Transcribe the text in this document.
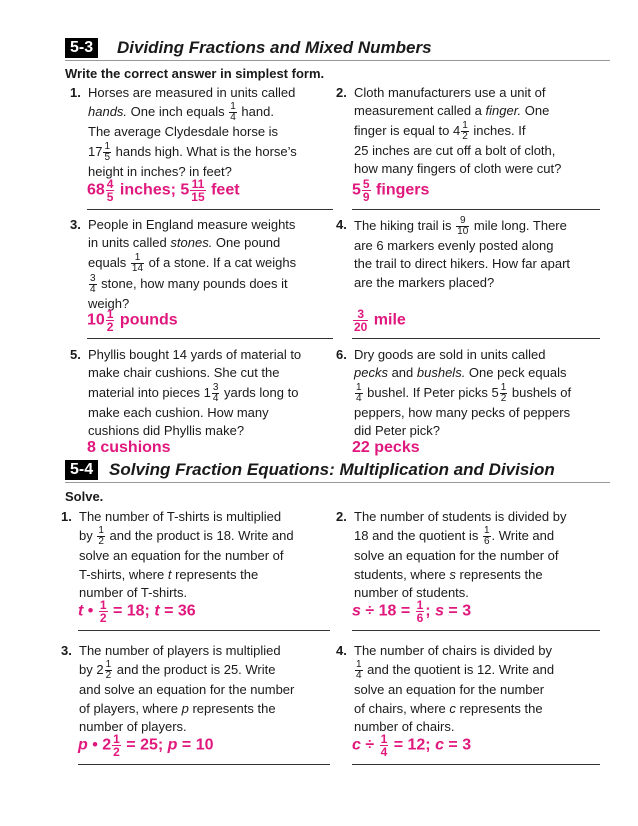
5-3 Dividing Fractions and Mixed Numbers
Write the correct answer in simplest form.
1. Horses are measured in units called
hands. One inch equals $\frac{1}{4}$ hand.
The average Clydesdale horse is
$17 \frac{1}{5}$ hands high. What is the horse’s
height in inches? in feet?
$68 \frac{4}{5}$ inches; $5 \frac{11}{15}$ feet
2. Cloth manufacturers use a unit of
measurement called a finger. One
finger is equal to $4 \frac{1}{2}$ inches. If
25 inches are cut off a bolt of cloth,
how many fingers of cloth were cut?
$5 \frac{5}{9}$ fingers
3. People in England measure weights
in units called stones. One pound
equals $\frac{1}{14}$ of a stone. If a cat weighs
$\frac{3}{4}$ stone, how many pounds does it
weigh?
$10 \frac{1}{2}$ pounds
4. The hiking trail is $\frac{9}{10}$ mile long. There
are 6 markers evenly posted along
the trail to direct hikers. How far apart
are the markers placed?
$\frac{3}{20}$ mile
5. Phyllis bought 14 yards of material to
make chair cushions. She cut the
material into pieces $1 \frac{3}{4}$ yards long to
make each cushion. How many
cushions did Phyllis make?
8 cushions
6. Dry goods are sold in units called
pecks and bushels. One peck equals
$\frac{1}{4}$ bushel. If Peter picks $5 \frac{1}{2}$ bushels of
peppers, how many pecks of peppers
did Peter pick?
22 pecks
5-4 Solving Fraction Equations: Multiplication and Division
Solve.
1. The number of T-shirts is multiplied
by $\frac{1}{2}$ and the product is 18. Write and
solve an equation for the number of
T-shirts, where t represents the
number of T-shirts.
t • $\frac{1}{2} = 18$; t = 36
2. The number of students is divided by
18 and the quotient is $\frac{1}{6}$ . Write and
solve an equation for the number of
students, where s represents the
number of students.
$s \div 18 = \frac{1}{6}$ ; s = 3
3. The number of players is multiplied
by $2 \frac{1}{2}$ and the product is 25. Write
and solve an equation for the number
of players, where p represents the
number of players.
p • $2 \frac{1}{2} = 25$; p = 10
4. The number of chairs is divided by
$\frac{1}{4}$ and the quotient is 12. Write and
solve an equation for the number
of chairs, where c represents the
number of chairs.
$c \div \frac{1}{4} = 12$; c = 3
